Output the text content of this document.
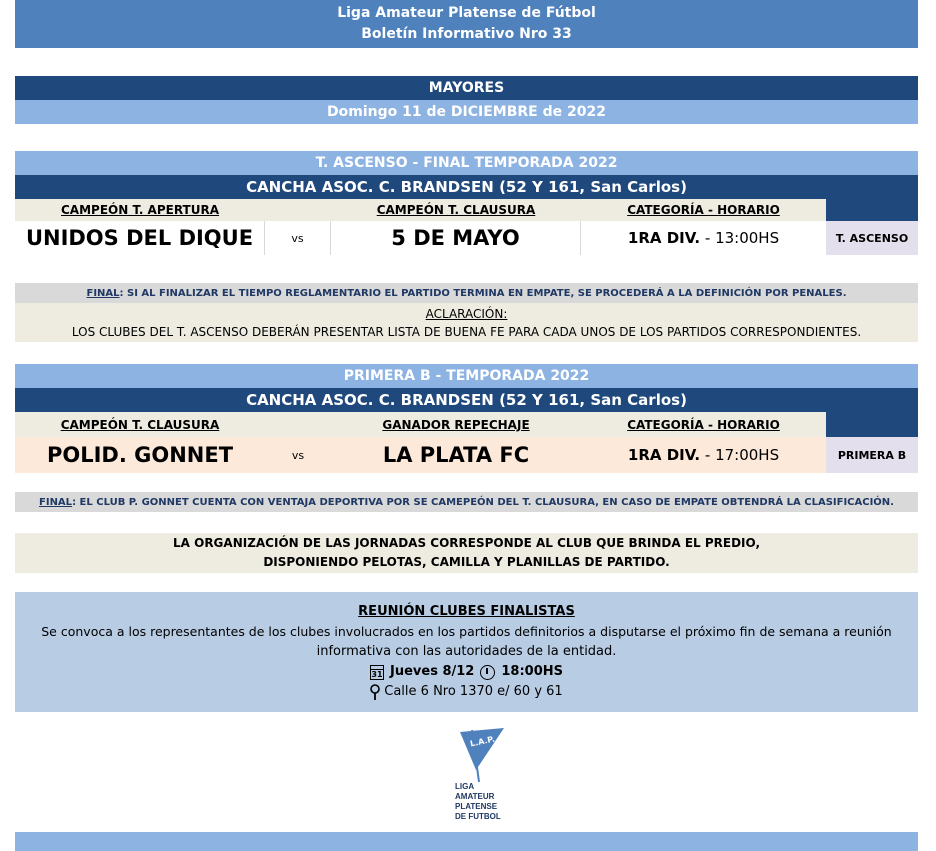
Liga Amateur Platense de Fútbol
Boletín Informativo Nro 33
MAYORES
Domingo 11 de DICIEMBRE de 2022
T. ASCENSO - FINAL TEMPORADA 2022
CANCHA ASOC. C. BRANDSEN (52 Y 161, San Carlos)
CAMPEÓN T. APERTURA	CAMPEÓN T. CLAUSURA	CATEGORÍA - HORARIO
UNIDOS DEL DIQUE	vs	5 DE MAYO	1RA DIV. - 13:00HS	T. ASCENSO
FINAL : SI AL FINALIZAR EL TIEMPO REGLAMENTARIO EL PARTIDO TERMINA EN EMPATE, SE PROCEDERÁ A LA DEFINICIÓN POR PENALES.
ACLARACIÓN:
LOS CLUBES DEL T. ASCENSO DEBERÁN PRESENTAR LISTA DE BUENA FE PARA CADA UNOS DE LOS PARTIDOS CORRESPONDIENTES.
PRIMERA B - TEMPORADA 2022
CANCHA ASOC. C. BRANDSEN (52 Y 161, San Carlos)
CAMPEÓN T. CLAUSURA	GANADOR REPECHAJE	CATEGORÍA - HORARIO
POLID. GONNET	vs	LA PLATA FC	1RA DIV. - 17:00HS	PRIMERA B
FINAL : EL CLUB P. GONNET CUENTA CON VENTAJA DEPORTIVA POR SE CAMEPEÓN DEL T. CLAUSURA, EN CASO DE EMPATE OBTENDRÁ LA CLASIFICACIÓN.
LA ORGANIZACIÓN DE LAS JORNADAS CORRESPONDE AL CLUB QUE BRINDA EL PREDIO,
DISPONIENDO PELOTAS, CAMILLA Y PLANILLAS DE PARTIDO.
REUNIÓN CLUBES FINALISTAS
Se convoca a los representantes de los clubes involucrados en los partidos definitorios a disputarse el próximo fin de semana a reunión
informativa con las autoridades de la entidad.
31 Jueves 8/12 18:00HS
Calle 6 Nro 1370 e/ 60 y 61
L.A.P.
LIGA
AMATEUR
PLATENSE
DE FUTBOL
